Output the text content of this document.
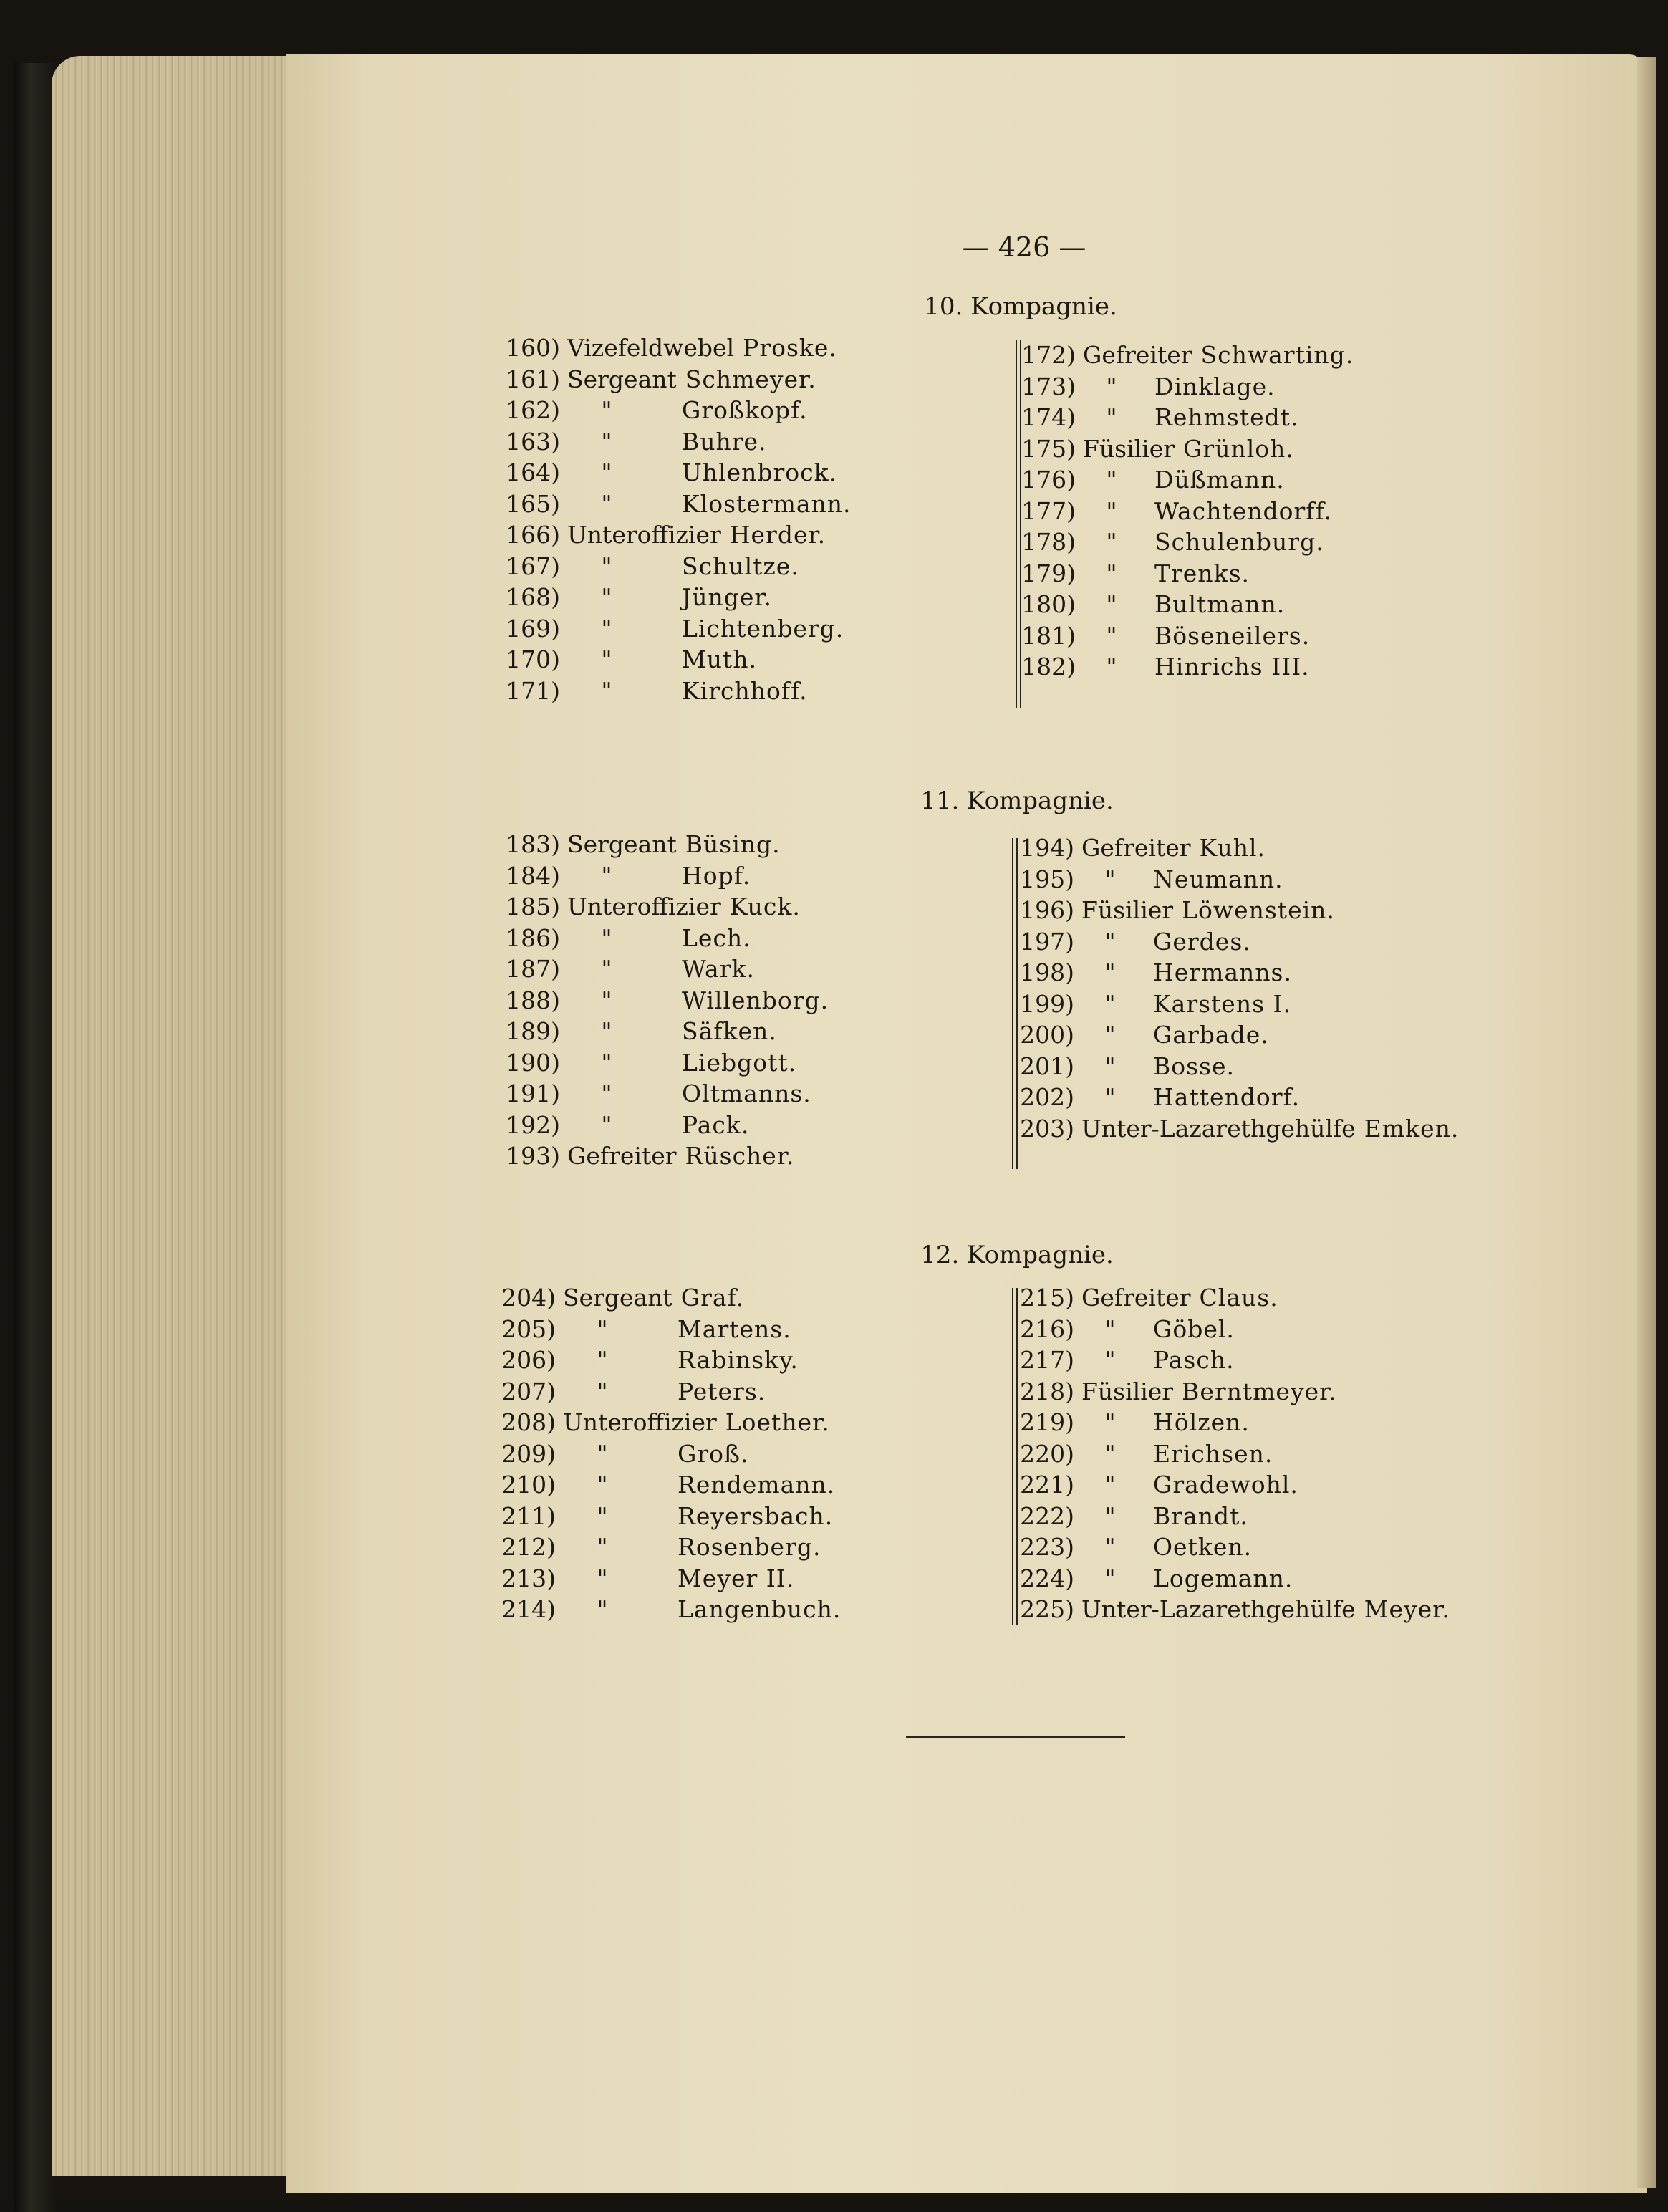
— 426 —
10. Kompagnie.
160) Vizefeldwebel Proske.
161) Sergeant Schmeyer.
162) "	Großkopf.
163) "	Buhre.
164) "	Uhlenbrock.
165) "	Klostermann.
166) Unteroffizier Herder.
167) "	Schultze.
168) "	Jünger.
169) "	Lichtenberg.
170) "	Muth.
171) "	Kirchhoff.
172) Gefreiter Schwarting.
173) " Dinklage.
174) " Rehmstedt.
175) Füsilier Grünloh.
176) " Düßmann.
177) " Wachtendorff.
178) " Schulenburg.
179) " Trenks.
180) " Bultmann.
181) " Böseneilers.
182) " Hinrichs III.
11. Kompagnie.
183) Sergeant Büsing.
184) "	Hopf.
185) Unteroffizier Kuck.
186) "	Lech.
187) "	Wark.
188) "	Willenborg.
189) "	Säfken.
190) "	Liebgott.
191) "	Oltmanns.
192) "	Pack.
193) Gefreiter Rüscher.
194) Gefreiter Kuhl.
195) " Neumann.
196) Füsilier Löwenstein.
197) " Gerdes.
198) " Hermanns.
199) " Karstens I.
200) " Garbade.
201) " Bosse.
202) " Hattendorf.
203) Unter-Lazarethgehülfe Emken.
12. Kompagnie.
204) Sergeant Graf.
205) "	Martens.
206) "	Rabinsky.
207) "	Peters.
208) Unteroffizier Loether.
209) "	Groß.
210) "	Rendemann.
211) "	Reyersbach.
212) "	Rosenberg.
213) "	Meyer II.
214) "	Langenbuch.
215) Gefreiter Claus.
216) " Göbel.
217) " Pasch.
218) Füsilier Berntmeyer.
219) " Hölzen.
220) " Erichsen.
221) " Gradewohl.
222) " Brandt.
223) " Oetken.
224) " Logemann.
225) Unter-Lazarethgehülfe Meyer.
